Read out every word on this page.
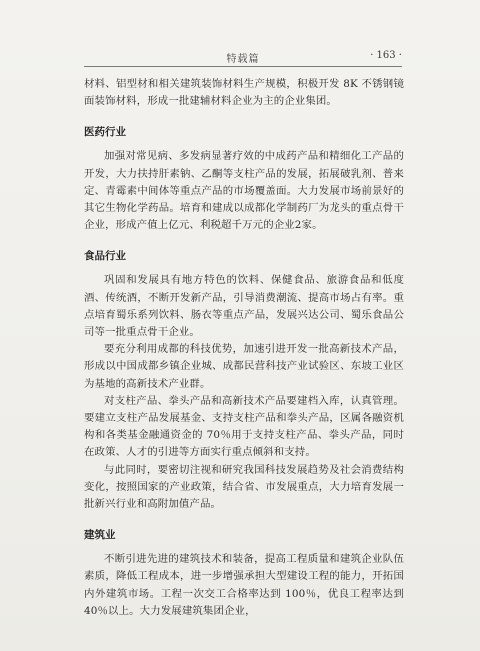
特载篇	· 163 ·

材料、铝型材和相关建筑装饰材料生产规模，积极开发 8K 不锈钢镜面装饰材料，形成一批建辅材料企业为主的企业集团。

医药行业

加强对常见病、多发病显著疗效的中成药产品和精细化工产品的开发，大力扶持肝素钠、乙酮等支柱产品的发展，拓展破乳剂、普来定、青霉素中间体等重点产品的市场覆盖面。大力发展市场前景好的其它生物化学药品。培育和建成以成都化学制药厂为龙头的重点骨干企业，形成产值上亿元、利税超千万元的企业2家。

食品行业

巩固和发展具有地方特色的饮料、保健食品、旅游食品和低度酒、传统酒，不断开发新产品，引导消费潮流、提高市场占有率。重点培育蜀乐系列饮料、肠衣等重点产品，发展兴达公司、蜀乐食品公司等一批重点骨干企业。

要充分利用成都的科技优势，加速引进开发一批高新技术产品，形成以中国成都乡镇企业城、成都民营科技产业试验区、东坡工业区为基地的高新技术产业群。

对支柱产品、拳头产品和高新技术产品要建档入库，认真管理。要建立支柱产品发展基金、支持支柱产品和拳头产品，区属各融资机构和各类基金融通资金的 70％用于支持支柱产品、拳头产品，同时在政策、人才的引进等方面实行重点倾斜和支持。

与此同时，要密切注视和研究我国科技发展趋势及社会消费结构变化，按照国家的产业政策，结合省、市发展重点，大力培育发展一批新兴行业和高附加值产品。

建筑业

不断引进先进的建筑技术和装备，提高工程质量和建筑企业队伍素质，降低工程成本，进一步增强承担大型建设工程的能力，开拓国内外建筑市场。工程一次交工合格率达到 100％，优良工程率达到 40％以上。大力发展建筑集团企业，
